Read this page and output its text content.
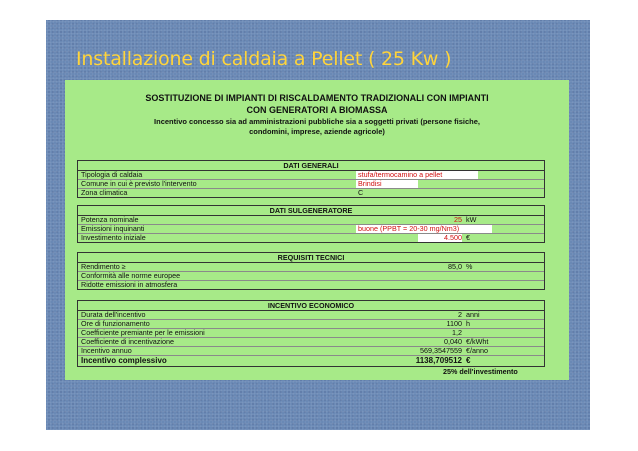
Installazione di caldaia a Pellet ( 25 Kw )
SOSTITUZIONE DI IMPIANTI DI RISCALDAMENTO TRADIZIONALI CON IMPIANTI
CON GENERATORI A BIOMASSA
Incentivo concesso sia ad amministrazioni pubbliche sia a soggetti privati (persone fisiche,
condomini, imprese, aziende agricole)
DATI GENERALI
Tipologia di caldaia	stufa/termocamino a pellet
Comune in cui è previsto l'intervento	Brindisi
Zona climatica	C
DATI SULGENERATORE
Potenza nominale	25 kW
Emissioni inquinanti	buone (PPBT = 20-30 mg/Nm3)
Investimento iniziale	4.500 €
REQUISITI TECNICI
Rendimento ≥	85,0 %
Conformità alle norme europee
Ridotte emissioni in atmosfera
INCENTIVO ECONOMICO
Durata dell'incentivo	2 anni
Ore di funzionamento	1100 h
Coefficiente premiante per le emissioni	1,2
Coefficiente di incentivazione	0,040 €/kWht
Incentivo annuo	569,3547559 €/anno
Incentivo complessivo	1138,709512 €
25% dell'investimento
